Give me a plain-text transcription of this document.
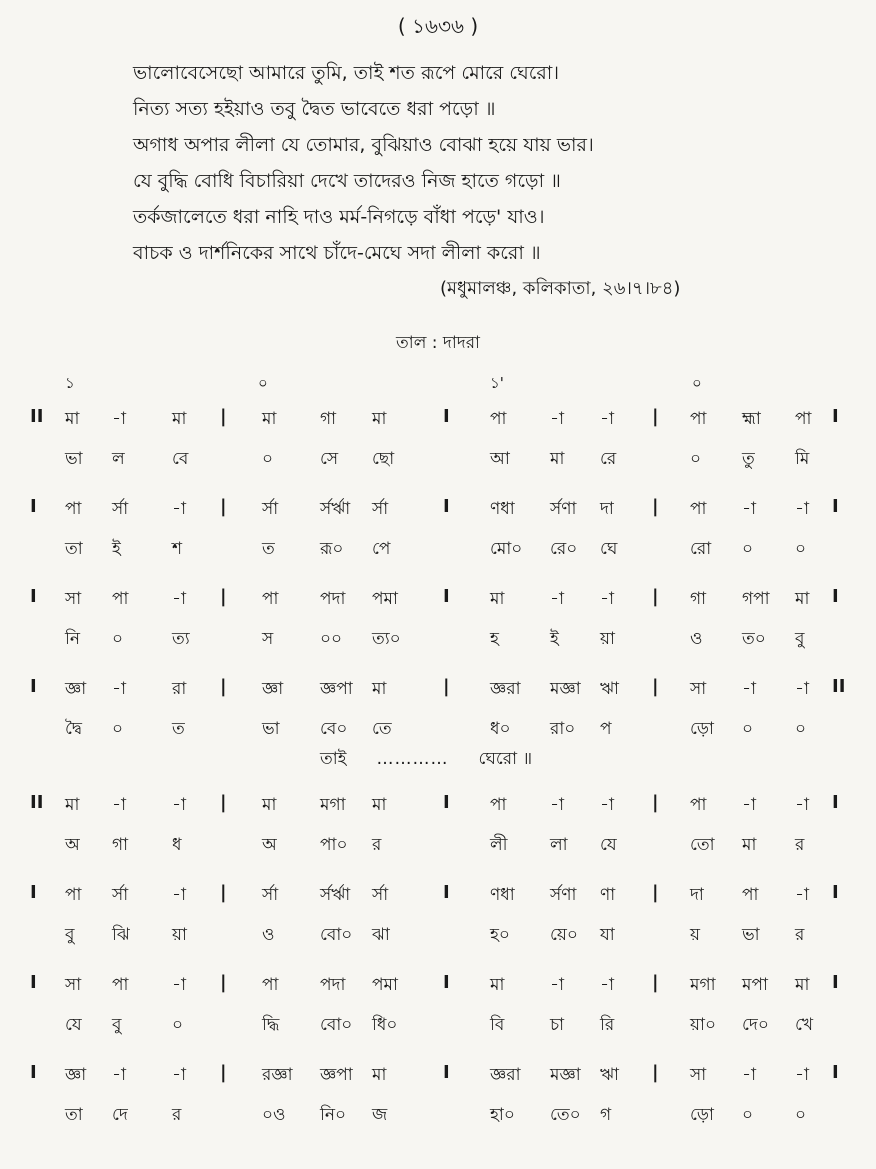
( ১৬৩৬ )
ভালোবেসেছো আমারে তুমি, তাই শত রূপে মোরে ঘেরো।
নিত্য সত্য হইয়াও তবু দ্বৈত ভাবেতে ধরা পড়ো ॥
অগাধ অপার লীলা যে তোমার, বুঝিয়াও বোঝা হয়ে যায় ভার।
যে বুদ্ধি বোধি বিচারিয়া দেখে তাদেরও নিজ হাতে গড়ো ॥
তর্কজালেতে ধরা নাহি দাও মর্ম-নিগড়ে বাঁধা পড়ে' যাও।
বাচক ও দার্শনিকের সাথে চাঁদে-মেঘে সদা লীলা করো ॥
(মধুমালঞ্চ, কলিকাতা, ২৬।৭।৮৪)
তাল : দাদরা
১	০	১'	০
II মা -া	মা | মা	গা মা	I পা	-া -া | পা হ্মা পা I
ভা ল	বে	০	সে ছো	আ মা রে	০ তু মি
I পা র্সা	-া | র্সা র্সর্ঋা র্সা	I ণধা র্সণা দা | পা -া -া I
তা ই	শ	ত	রূ০ পে	মো০ রে০ ঘে	রো ০ ০
I সা পা	-া | পা পদা পমা	I মা	-া -া | গা গপা মা I
নি ০	ত্য	স	০০ ত্য০	হ	ই য়া	ও ত০ বু
I জ্ঞা -া	রা | জ্ঞা জ্ঞপা মা	| জ্ঞরা মজ্ঞা ঋা | সা -া -া II
দ্বৈ ০	ত	ভা বে০ তে	ধ০ রা০ প	ড়ো ০ ০
তাই ………… ঘেরো ॥
II মা -া	-া | মা	মগা মা	I পা	-া -া | পা -া -া I
অ গা	ধ	অ	পা০ র	লী লা যে	তো মা র
I পা র্সা	-া | র্সা র্সর্ঋা র্সা	I ণধা র্সণা ণা | দা পা -া I
বু ঝি য়া	ও	বো০ ঝা	হ০ য়ে০ যা	য় ভা র
I সা পা	-া | পা পদা পমা	I মা	-া -া | মগা মপা মা I
যে বু	০	দ্ধি বো০ ধি০	বি	চা রি	য়া০ দে০ খে
I জ্ঞা -া	-া | রজ্ঞা জ্ঞপা মা	I জ্ঞরা মজ্ঞা ঋা | সা -া -া I
তা দে	র	০ও নি০ জ	হা০ তে০ গ	ড়ো ০ ০
